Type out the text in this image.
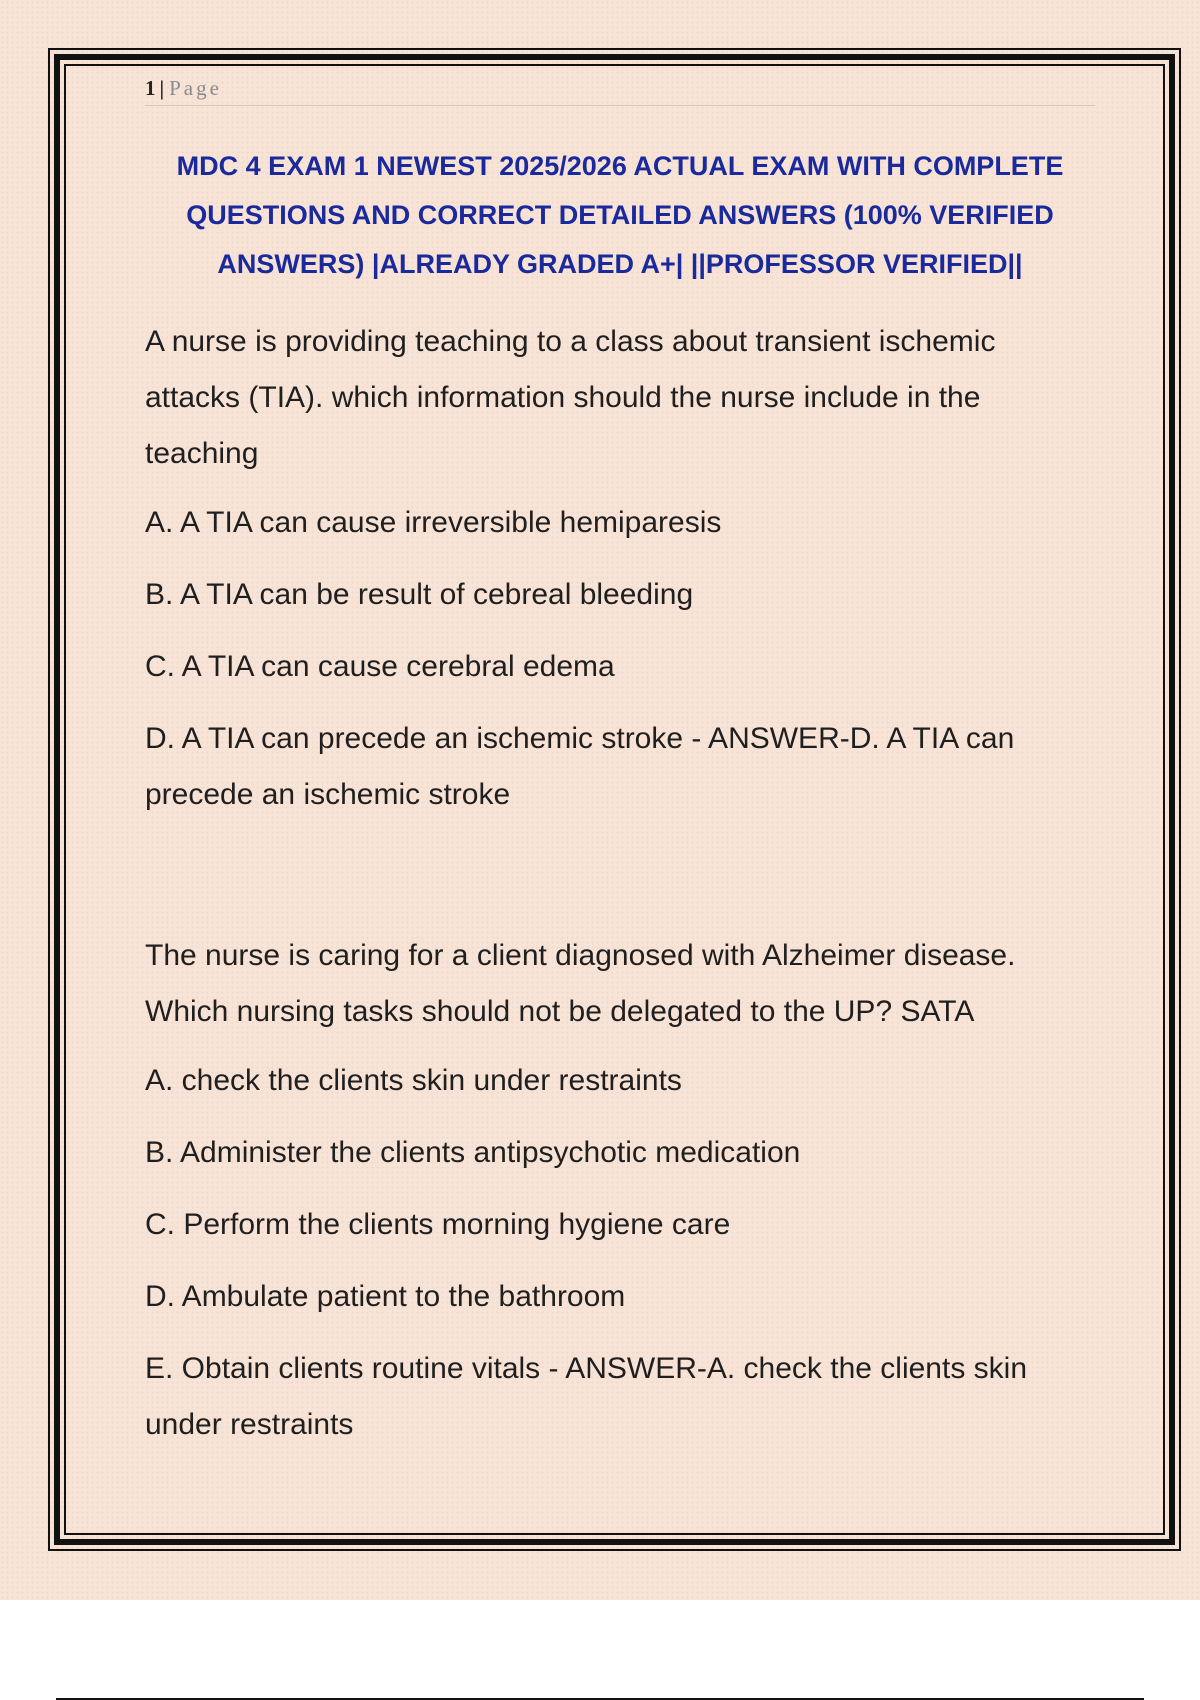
1 | Page
MDC 4 EXAM 1 NEWEST 2025/2026 ACTUAL EXAM WITH COMPLETE QUESTIONS AND CORRECT DETAILED ANSWERS (100% VERIFIED ANSWERS) |ALREADY GRADED A+| ||PROFESSOR VERIFIED||
A nurse is providing teaching to a class about transient ischemic attacks (TIA). which information should the nurse include in the teaching
A. A TIA can cause irreversible hemiparesis
B. A TIA can be result of cebreal bleeding
C. A TIA can cause cerebral edema
D. A TIA can precede an ischemic stroke - ANSWER-D. A TIA can precede an ischemic stroke
The nurse is caring for a client diagnosed with Alzheimer disease. Which nursing tasks should not be delegated to the UP? SATA
A. check the clients skin under restraints
B. Administer the clients antipsychotic medication
C. Perform the clients morning hygiene care
D. Ambulate patient to the bathroom
E. Obtain clients routine vitals - ANSWER-A. check the clients skin under restraints
